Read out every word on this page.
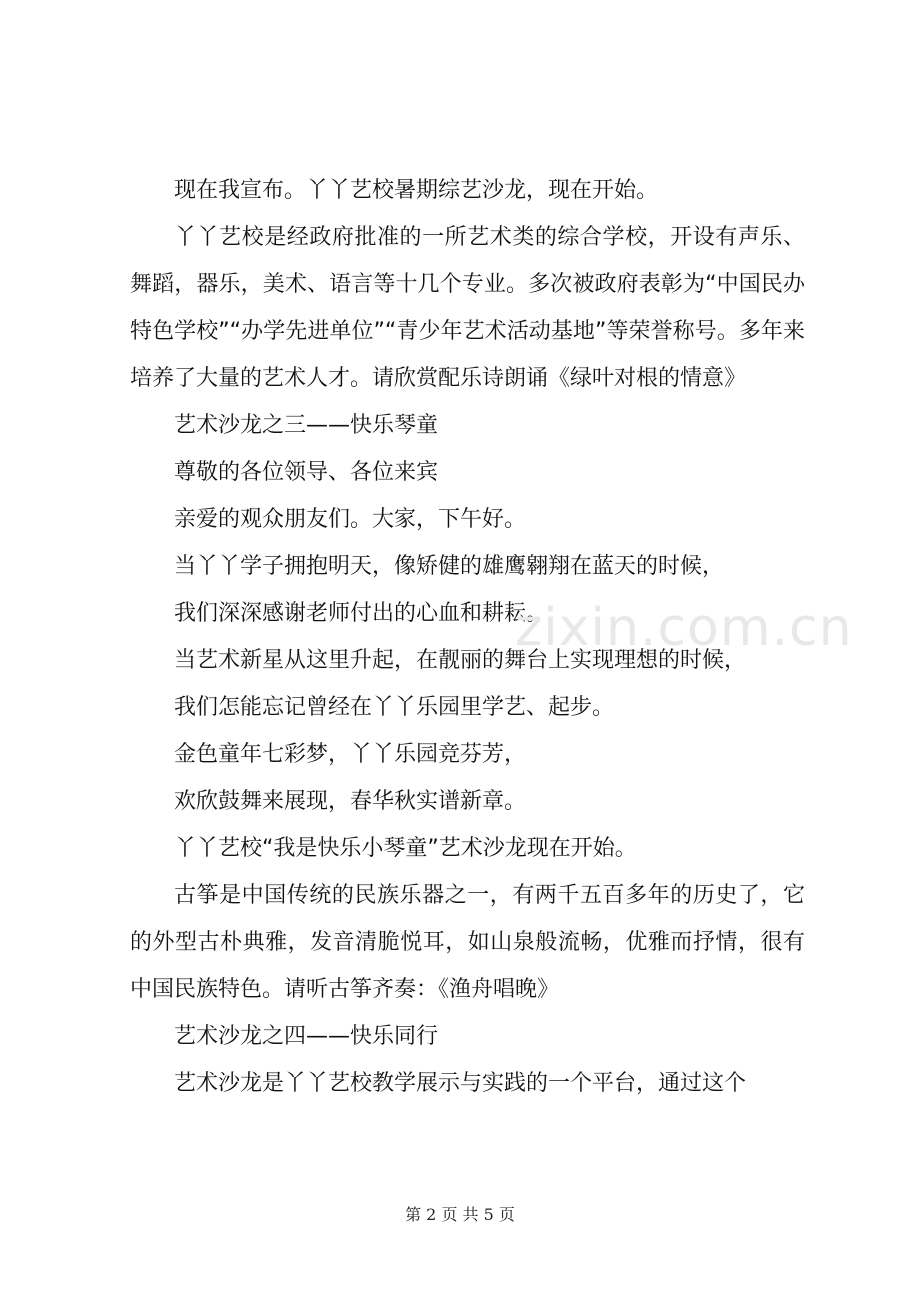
现在我宣布。丫丫艺校暑期综艺沙龙，现在开始。

丫丫艺校是经政府批准的一所艺术类的综合学校，开设有声乐、舞蹈，器乐，美术、语言等十几个专业。多次被政府表彰为“中国民办特色学校”“办学先进单位”“青少年艺术活动基地”等荣誉称号。多年来培养了大量的艺术人才。请欣赏配乐诗朗诵《绿叶对根的情意》

艺术沙龙之三——快乐琴童

尊敬的各位领导、各位来宾

亲爱的观众朋友们。大家，下午好。

当丫丫学子拥抱明天，像矫健的雄鹰翱翔在蓝天的时候，

我们深深感谢老师付出的心血和耕耘。

当艺术新星从这里升起，在靓丽的舞台上实现理想的时候，

我们怎能忘记曾经在丫丫乐园里学艺、起步。

金色童年七彩梦，丫丫乐园竞芬芳，

欢欣鼓舞来展现，春华秋实谱新章。

丫丫艺校“我是快乐小琴童”艺术沙龙现在开始。

古筝是中国传统的民族乐器之一，有两千五百多年的历史了，它的外型古朴典雅，发音清脆悦耳，如山泉般流畅，优雅而抒情，很有中国民族特色。请听古筝齐奏：《渔舟唱晚》

艺术沙龙之四——快乐同行

艺术沙龙是丫丫艺校教学展示与实践的一个平台，通过这个

zixin.com.cn
第 2 页 共 5 页
